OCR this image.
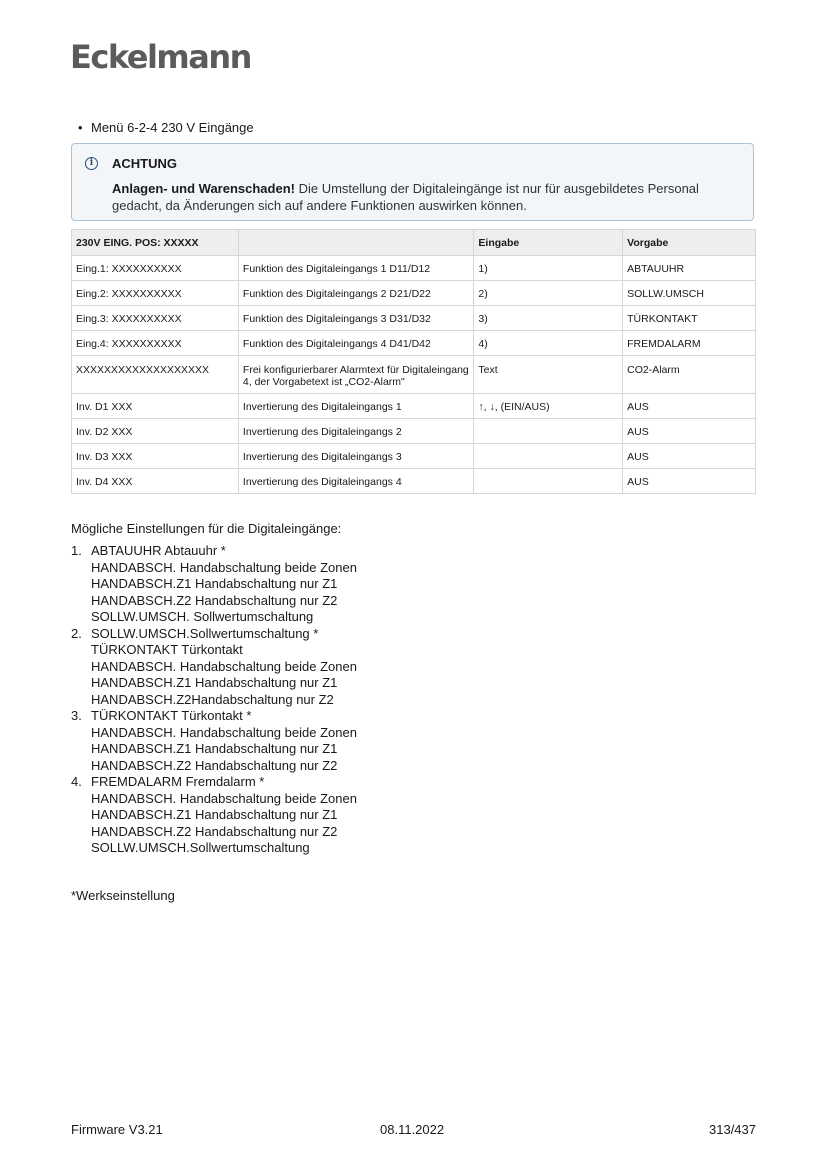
Eckelmann
• Menü 6-2-4 230 V Eingänge
i	ACHTUNG
Anlagen- und Warenschaden! Die Umstellung der Digitaleingänge ist nur für ausgebildetes Personal gedacht, da Änderungen sich auf andere Funktionen auswirken können.
230V EING. POS: XXXXX		Eingabe	Vorgabe
Eing.1: XXXXXXXXXX	Funktion des Digitaleingangs 1 D11/D12	1)	ABTAUUHR
Eing.2: XXXXXXXXXX	Funktion des Digitaleingangs 2 D21/D22	2)	SOLLW.UMSCH
Eing.3: XXXXXXXXXX	Funktion des Digitaleingangs 3 D31/D32	3)	TÜRKONTAKT
Eing.4: XXXXXXXXXX	Funktion des Digitaleingangs 4 D41/D42	4)	FREMDALARM
XXXXXXXXXXXXXXXXXXX	Frei konfigurierbarer Alarmtext für Digitaleingang 4, der Vorgabetext ist „CO2-Alarm"	Text	CO2-Alarm
Inv. D1 XXX	Invertierung des Digitaleingangs 1	↑, ↓, (EIN/AUS)	AUS
Inv. D2 XXX	Invertierung des Digitaleingangs 2		AUS
Inv. D3 XXX	Invertierung des Digitaleingangs 3		AUS
Inv. D4 XXX	Invertierung des Digitaleingangs 4		AUS
Mögliche Einstellungen für die Digitaleingänge:
1. ABTAUUHR Abtauuhr *
HANDABSCH. Handabschaltung beide Zonen
HANDABSCH.Z1 Handabschaltung nur Z1
HANDABSCH.Z2 Handabschaltung nur Z2
SOLLW.UMSCH. Sollwertumschaltung
2. SOLLW.UMSCH.Sollwertumschaltung *
TÜRKONTAKT Türkontakt
HANDABSCH. Handabschaltung beide Zonen
HANDABSCH.Z1 Handabschaltung nur Z1
HANDABSCH.Z2Handabschaltung nur Z2
3. TÜRKONTAKT Türkontakt *
HANDABSCH. Handabschaltung beide Zonen
HANDABSCH.Z1 Handabschaltung nur Z1
HANDABSCH.Z2 Handabschaltung nur Z2
4. FREMDALARM Fremdalarm *
HANDABSCH. Handabschaltung beide Zonen
HANDABSCH.Z1 Handabschaltung nur Z1
HANDABSCH.Z2 Handabschaltung nur Z2
SOLLW.UMSCH.Sollwertumschaltung
*Werkseinstellung
Firmware V3.21	08.11.2022	313/437
